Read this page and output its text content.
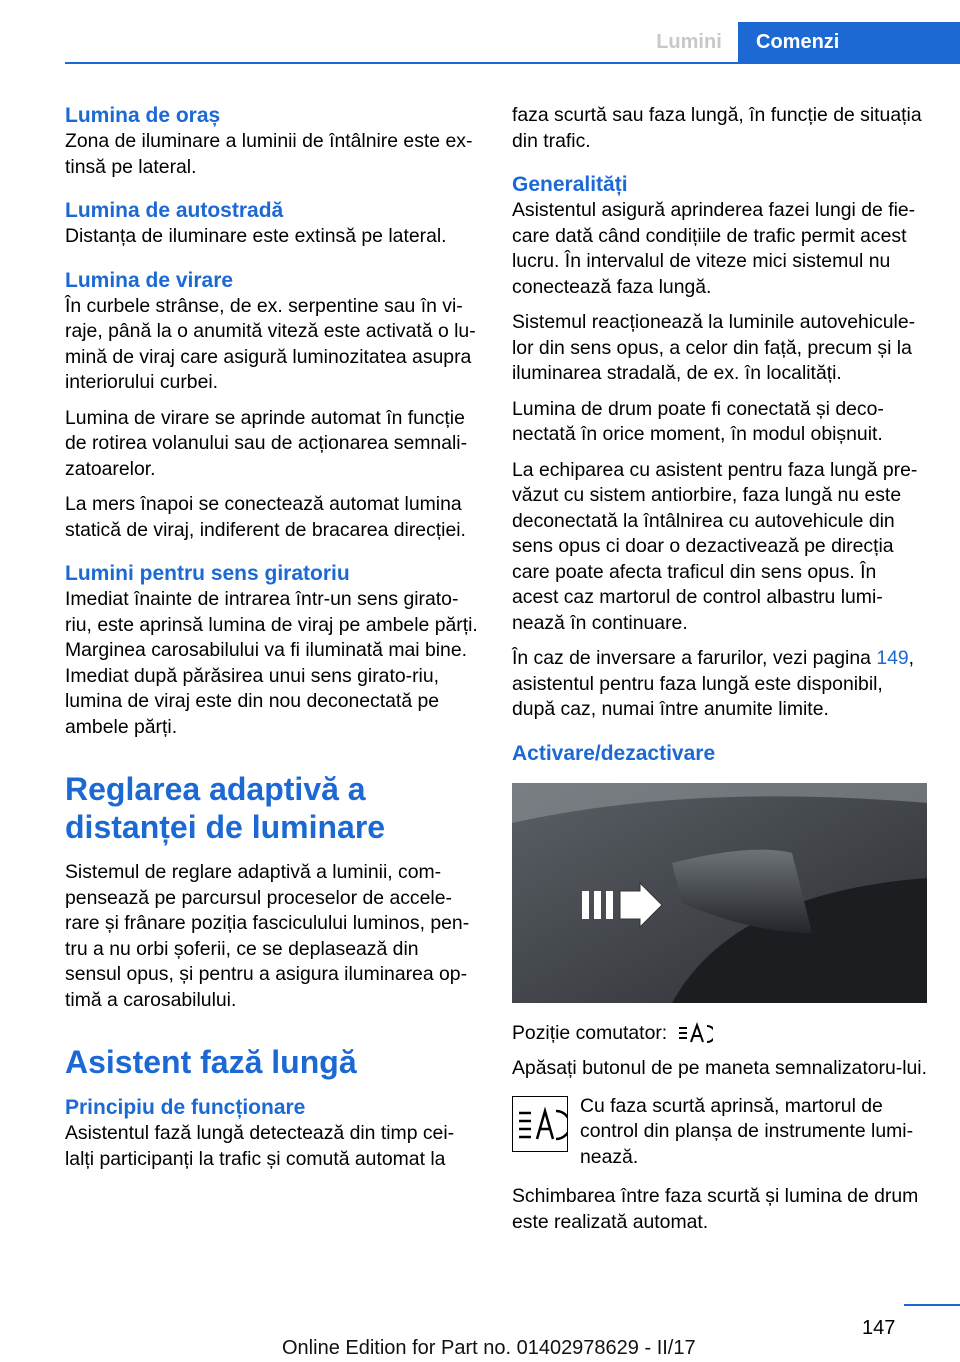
Lumini	Comenzi
Lumina de oraș

Zona de iluminare a luminii de întâlnire este ex‐tinsă pe lateral.

Lumina de autostradă

Distanța de iluminare este extinsă pe lateral.

Lumina de virare

În curbele strânse, de ex. serpentine sau în vi‐raje, până la o anumită viteză este activată o lu‐mină de viraj care asigură luminozitatea asupra interiorului curbei.

Lumina de virare se aprinde automat în funcție de rotirea volanului sau de acționarea semnali‐zatoarelor.

La mers înapoi se conectează automat lumina statică de viraj, indiferent de bracarea direcției.

Lumini pentru sens giratoriu

Imediat înainte de intrarea într-un sens girato‐riu, este aprinsă lumina de viraj pe ambele părți. Marginea carosabilului va fi iluminată mai bine. Imediat după părăsirea unui sens girato‐riu, lumina de viraj este din nou deconectată pe ambele părți.

Reglarea adaptivă a distanței de luminare

Sistemul de reglare adaptivă a luminii, com‐pensează pe parcursul proceselor de accele‐rare și frânare poziția fasciculului luminos, pen‐tru a nu orbi șoferii, ce se deplasează din sensul opus, și pentru a asigura iluminarea op‐timă a carosabilului.

Asistent fază lungă
Principiu de funcționare

Asistentul fază lungă detectează din timp cei‐lalți participanți la trafic și comută automat la

faza scurtă sau faza lungă, în funcție de situația din trafic.

Generalități

Asistentul asigură aprinderea fazei lungi de fie‐care dată când condițiile de trafic permit acest lucru. În intervalul de viteze mici sistemul nu conectează faza lungă.

Sistemul reacționează la luminile autovehicule‐lor din sens opus, a celor din față, precum și la iluminarea stradală, de ex. în localități.

Lumina de drum poate fi conectată și deco‐nectată în orice moment, în modul obișnuit.

La echiparea cu asistent pentru faza lungă pre‐văzut cu sistem antiorbire, faza lungă nu este deconectată la întâlnirea cu autovehicule din sens opus ci doar o dezactivează pe direcția care poate afecta traficul din sens opus. În acest caz martorul de control albastru lumi‐nează în continuare.

În caz de inversare a farurilor, vezi pagina 149, asistentul pentru faza lungă este disponibil, după caz, numai între anumite limite.

Activare/dezactivare

Poziție comutator:

Apăsați butonul de pe maneta semnalizatoru‐lui.

Cu faza scurtă aprinsă, martorul de control din planșa de instrumente lumi‐nează.

Schimbarea între faza scurtă și lumina de drum este realizată automat.

147
Online Edition for Part no. 01402978629 - II/17
